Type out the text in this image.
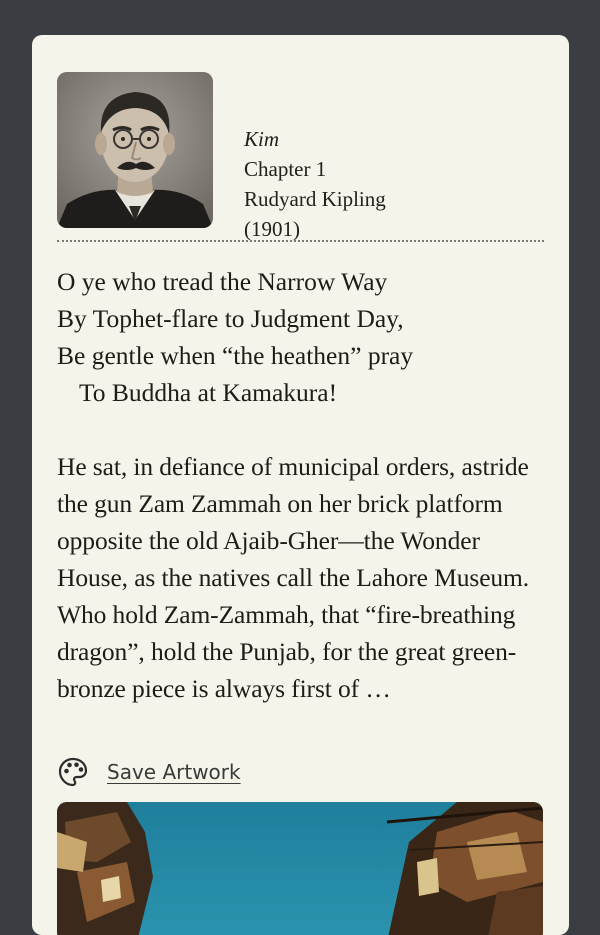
Kim
Chapter 1
Rudyard Kipling
(1901)
O ye who tread the Narrow Way
By Tophet-flare to Judgment Day,
Be gentle when “the heathen” pray
To Buddha at Kamakura!
He sat, in defiance of municipal orders, astride the gun Zam Zammah on her brick platform opposite the old Ajaib-Gher—the Wonder House, as the natives call the Lahore Museum. Who hold Zam-Zammah, that “fire-breathing dragon”, hold the Punjab, for the great green-bronze piece is always first of …
Save Artwork
